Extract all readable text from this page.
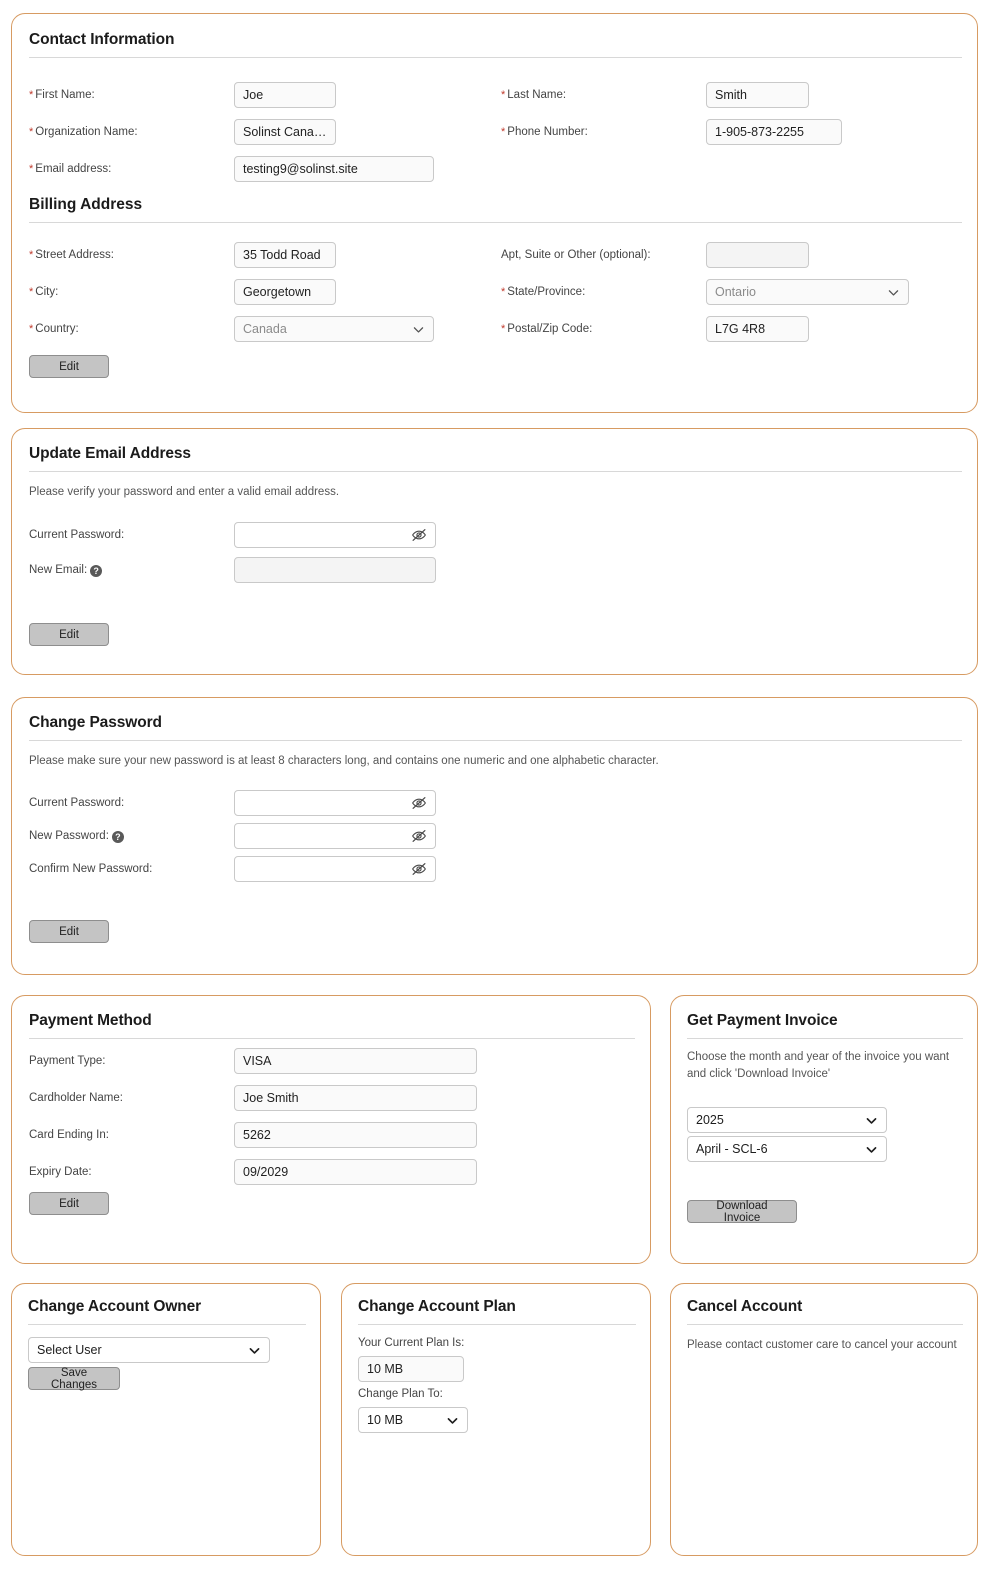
Contact Information
* First Name:	Joe	* Last Name:	Smith
* Organization Name:	Solinst Cana…	* Phone Number:	1-905-873-2255
* Email address:	testing9@solinst.site
Billing Address
* Street Address:	35 Todd Road	Apt, Suite or Other (optional):
* City:	Georgetown	* State/Province:	Ontario
* Country:	Canada	* Postal/Zip Code:	L7G 4R8
Edit
Update Email Address
Please verify your password and enter a valid email address.
Current Password:
New Email: ?
Edit
Change Password
Please make sure your new password is at least 8 characters long, and contains one numeric and one alphabetic character.
Current Password:
New Password: ?
Confirm New Password:
Edit
Payment Method
Payment Type:	VISA
Cardholder Name:	Joe Smith
Card Ending In:	5262
Expiry Date:	09/2029
Edit
Get Payment Invoice
Choose the month and year of the invoice you want and click 'Download Invoice'
2025
April - SCL-6
Download Invoice
Change Account Owner
Select User
Save Changes
Change Account Plan
Your Current Plan Is:
10 MB
Change Plan To:
10 MB
Cancel Account
Please contact customer care to cancel your account
